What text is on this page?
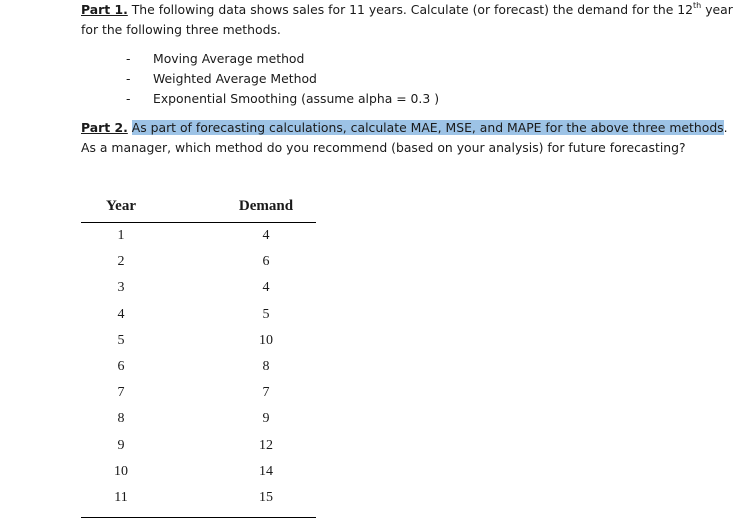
Part 1. The following data shows sales for 11 years. Calculate (or forecast) the demand for the 12th year
for the following three methods.
- Moving Average method
- Weighted Average Method
- Exponential Smoothing (assume alpha = 0.3 )
Part 2. As part of forecasting calculations, calculate MAE, MSE, and MAPE for the above three methods.
As a manager, which method do you recommend (based on your analysis) for future forecasting?
Year	Demand
1	4
2	6
3	4
4	5
5	10
6	8
7	7
8	9
9	12
10	14
11	15
